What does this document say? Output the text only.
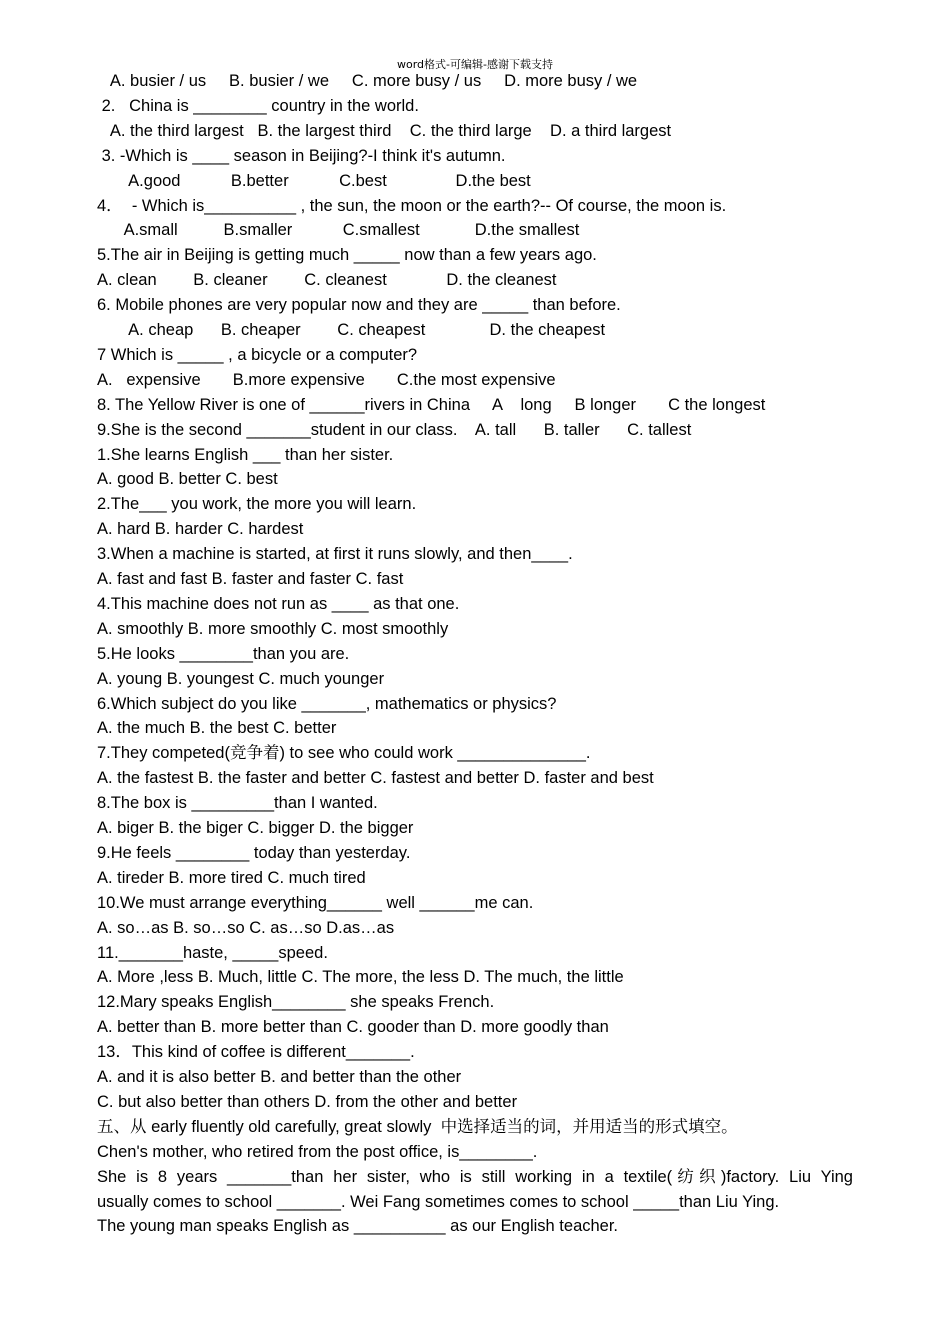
word格式-可编辑-感谢下载支持
A. busier / us     B. busier / we     C. more busy / us     D. more busy / we
2.   China is ________ country in the world.
A. the third largest   B. the largest third    C. the third large    D. a third largest
3. -Which is ____ season in Beijing?-I think it's autumn.
A.good           B.better           C.best               D.the best
4．  - Which is__________ , the sun, the moon or the earth?-- Of course, the moon is.
A.small          B.smaller           C.smallest            D.the smallest
5.The air in Beijing is getting much _____ now than a few years ago.
A. clean        B. cleaner        C. cleanest             D. the cleanest
6. Mobile phones are very popular now and they are _____ than before.
A. cheap      B. cheaper        C. cheapest              D. the cheapest
7 Which is _____ , a bicycle or a computer?
A.   expensive       B.more expensive       C.the most expensive
8. The Yellow River is one of ______rivers in China     A    long     B longer       C the longest
9.She is the second _______student in our class.    A. tall      B. taller      C. tallest
1.She learns English ___ than her sister.
A. good B. better C. best
2.The___ you work, the more you will learn.
A. hard B. harder C. hardest
3.When a machine is started, at first it runs slowly, and then____.
A. fast and fast B. faster and faster C. fast
4.This machine does not run as ____ as that one.
A. smoothly B. more smoothly C. most smoothly
5.He looks ________than you are.
A. young B. youngest C. much younger
6.Which subject do you like _______, mathematics or physics?
A. the much B. the best C. better
7.They competed(竞争着) to see who could work ______________.
A. the fastest B. the faster and better C. fastest and better D. faster and best
8.The box is _________than I wanted.
A. biger B. the biger C. bigger D. the bigger
9.He feels ________ today than yesterday.
A. tireder B. more tired C. much tired
10.We must arrange everything______ well ______me can.
A. so…as B. so…so C. as…so D.as…as
11._______haste, _____speed.
A. More ,less B. Much, little C. The more, the less D. The much, the little
12.Mary speaks English________ she speaks French.
A. better than B. more better than C. gooder than D. more goodly than
13．This kind of coffee is different_______.
A. and it is also better B. and better than the other
C. but also better than others D. from the other and better
五、从 early fluently old carefully, great slowly  中选择适当的词，并用适当的形式填空。
Chen's mother, who retired from the post office, is________.
She is 8 years _______than her sister, who is still working in a textile(纺织)factory. Liu Ying
usually comes to school _______. Wei Fang sometimes comes to school _____than Liu Ying.
The young man speaks English as __________ as our English teacher.
